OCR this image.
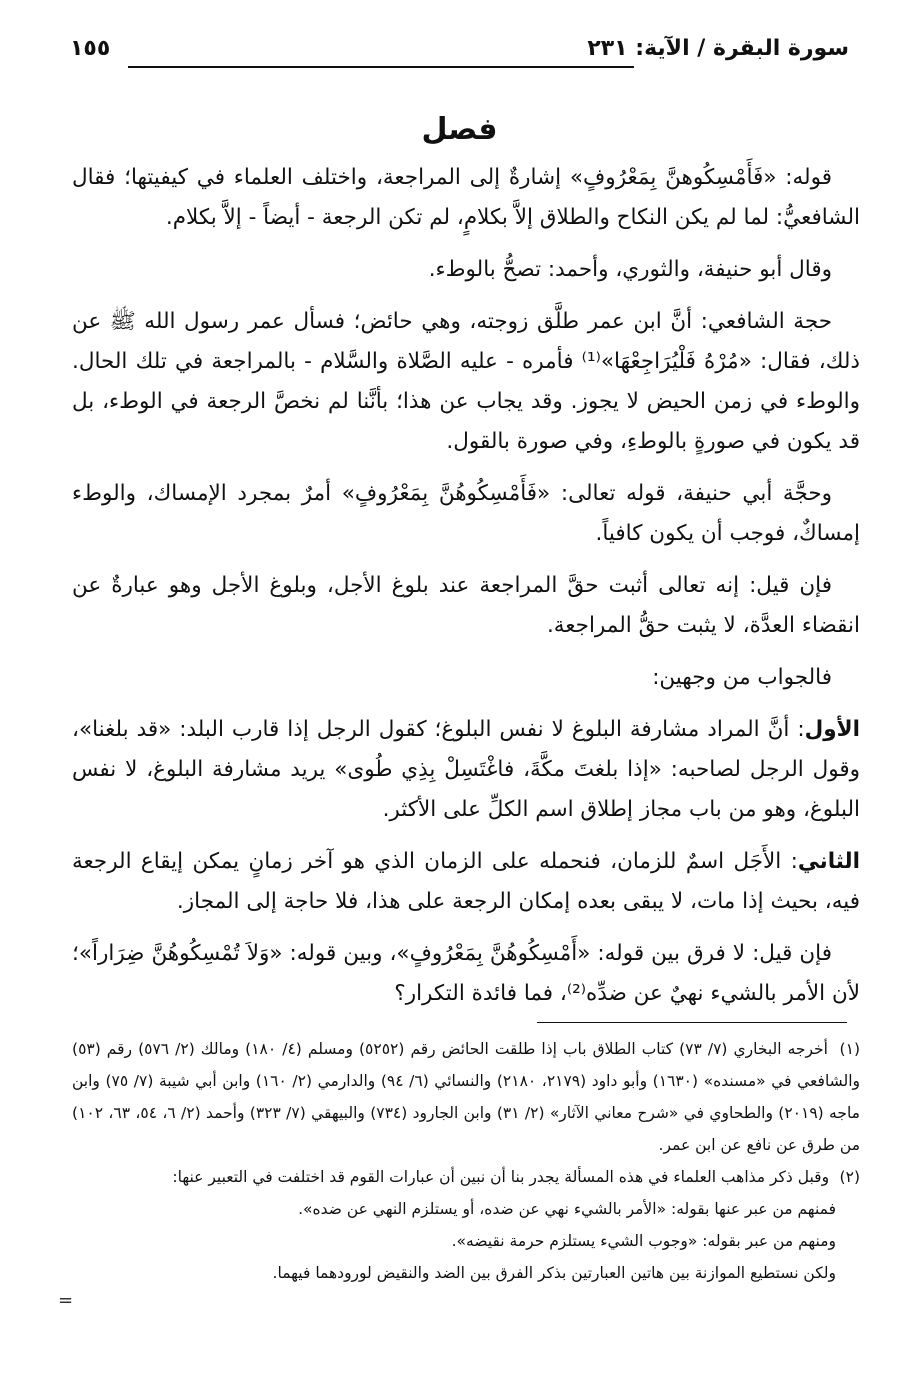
سورة البقرة / الآية: ٢٣١
١٥٥
فصل

قوله: «فَأَمْسِكُوهنَّ بِمَعْرُوفٍ» إشارةٌ إلى المراجعة، واختلف العلماء في كيفيتها؛ فقال الشافعيُّ: لما لم يكن النكاح والطلاق إلاَّ بكلامٍ، لم تكن الرجعة - أيضاً - إلاَّ بكلام.

وقال أبو حنيفة، والثوري، وأحمد: تصحُّ بالوطء.

حجة الشافعي: أنَّ ابن عمر طلَّق زوجته، وهي حائض؛ فسأل عمر رسول الله ﷺ عن ذلك، فقال: «مُرْهُ فَلْيُرَاجِعْهَا»⁽¹⁾ فأمره - عليه الصَّلاة والسَّلام - بالمراجعة في تلك الحال. والوطء في زمن الحيض لا يجوز. وقد يجاب عن هذا؛ بأنَّنا لم نخصَّ الرجعة في الوطء، بل قد يكون في صورةٍ بالوطءِ، وفي صورة بالقول.

وحجَّة أبي حنيفة، قوله تعالى: «فَأَمْسِكُوهُنَّ بِمَعْرُوفٍ» أمرٌ بمجرد الإمساك، والوطء إمساكٌ، فوجب أن يكون كافياً.

فإن قيل: إنه تعالى أثبت حقَّ المراجعة عند بلوغ الأجل، وبلوغ الأجل وهو عبارةٌ عن انقضاء العدَّة، لا يثبت حقُّ المراجعة.

فالجواب من وجهين:

الأول: أنَّ المراد مشارفة البلوغ لا نفس البلوغ؛ كقول الرجل إذا قارب البلد: «قد بلغنا»، وقول الرجل لصاحبه: «إذا بلغتَ مكَّةَ، فاغْتَسِلْ بِذِي طُوى» يريد مشارفة البلوغ، لا نفس البلوغ، وهو من باب مجاز إطلاق اسم الكلِّ على الأكثر.

الثاني: الأَجَل اسمٌ للزمان، فنحمله على الزمان الذي هو آخر زمانٍ يمكن إيقاع الرجعة فيه، بحيث إذا مات، لا يبقى بعده إمكان الرجعة على هذا، فلا حاجة إلى المجاز.

فإن قيل: لا فرق بين قوله: «أَمْسِكُوهُنَّ بِمَعْرُوفٍ»، وبين قوله: «وَلاَ تُمْسِكُوهُنَّ ضِرَاراً»؛ لأن الأمر بالشيء نهيٌ عن ضدِّه⁽²⁾، فما فائدة التكرار؟

(١) أخرجه البخاري (٧/ ٧٣) كتاب الطلاق باب إذا طلقت الحائض رقم (٥٢٥٢) ومسلم (٤/ ١٨٠) ومالك (٢/ ٥٧٦) رقم (٥٣) والشافعي في «مسنده» (١٦٣٠) وأبو داود (٢١٧٩، ٢١٨٠) والنسائي (٦/ ٩٤) والدارمي (٢/ ١٦٠) وابن أبي شيبة (٧/ ٧٥) وابن ماجه (٢٠١٩) والطحاوي في «شرح معاني الآثار» (٢/ ٣١) وابن الجارود (٧٣٤) والبيهقي (٧/ ٣٢٣) وأحمد (٢/ ٦، ٥٤، ٦٣، ١٠٢) من طرق عن نافع عن ابن عمر.

(٢) وقبل ذكر مذاهب العلماء في هذه المسألة يجدر بنا أن نبين أن عبارات القوم قد اختلفت في التعبير عنها:

فمنهم من عبر عنها بقوله: «الأمر بالشيء نهي عن ضده، أو يستلزم النهي عن ضده».

ومنهم من عبر بقوله: «وجوب الشيء يستلزم حرمة نقيضه».

ولكن نستطيع الموازنة بين هاتين العبارتين بذكر الفرق بين الضد والنقيض لورودهما فيهما.

=
